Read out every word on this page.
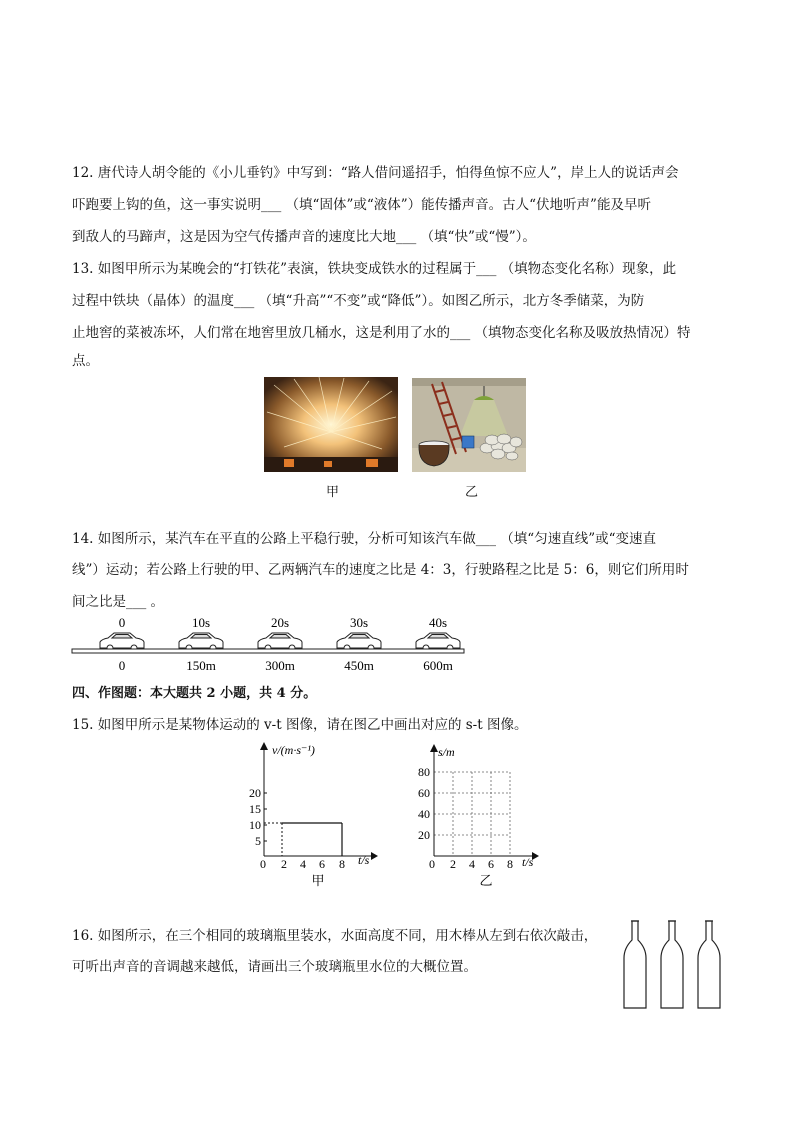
12. 唐代诗人胡令能的《小儿垂钓》中写到：“路人借问遥招手，怕得鱼惊不应人”，岸上人的说话声会
吓跑要上钩的鱼，这一事实说明___ （填“固体”或“液体”）能传播声音。古人“伏地听声”能及早听
到敌人的马蹄声，这是因为空气传播声音的速度比大地___ （填“快”或“慢”）。
13. 如图甲所示为某晚会的“打铁花”表演，铁块变成铁水的过程属于___ （填物态变化名称）现象，此
过程中铁块（晶体）的温度___ （填“升高”“不变”或“降低”）。如图乙所示，北方冬季储菜，为防
止地窖的菜被冻坏，人们常在地窖里放几桶水，这是利用了水的___ （填物态变化名称及吸放热情况）特
点。
甲	乙
14. 如图所示，某汽车在平直的公路上平稳行驶，分析可知该汽车做___ （填“匀速直线”或“变速直
线”）运动；若公路上行驶的甲、乙两辆汽车的速度之比是 4：3，行驶路程之比是 5：6，则它们所用时
间之比是___ 。
0	10s	20s	30s	40s
0	150m	300m	450m	600m
四、作图题：本大题共 2 小题，共 4 分。
15. 如图甲所示是某物体运动的 v-t 图像，请在图乙中画出对应的 s-t 图像。
v/(m·s⁻¹)
t/s
20
15
10
5
0 2 4 6 8
甲
s/m
t/s
80
60
40
20
0 2 4 6 8
乙
16. 如图所示，在三个相同的玻璃瓶里装水，水面高度不同，用木棒从左到右依次敲击，
可听出声音的音调越来越低，请画出三个玻璃瓶里水位的大概位置。
